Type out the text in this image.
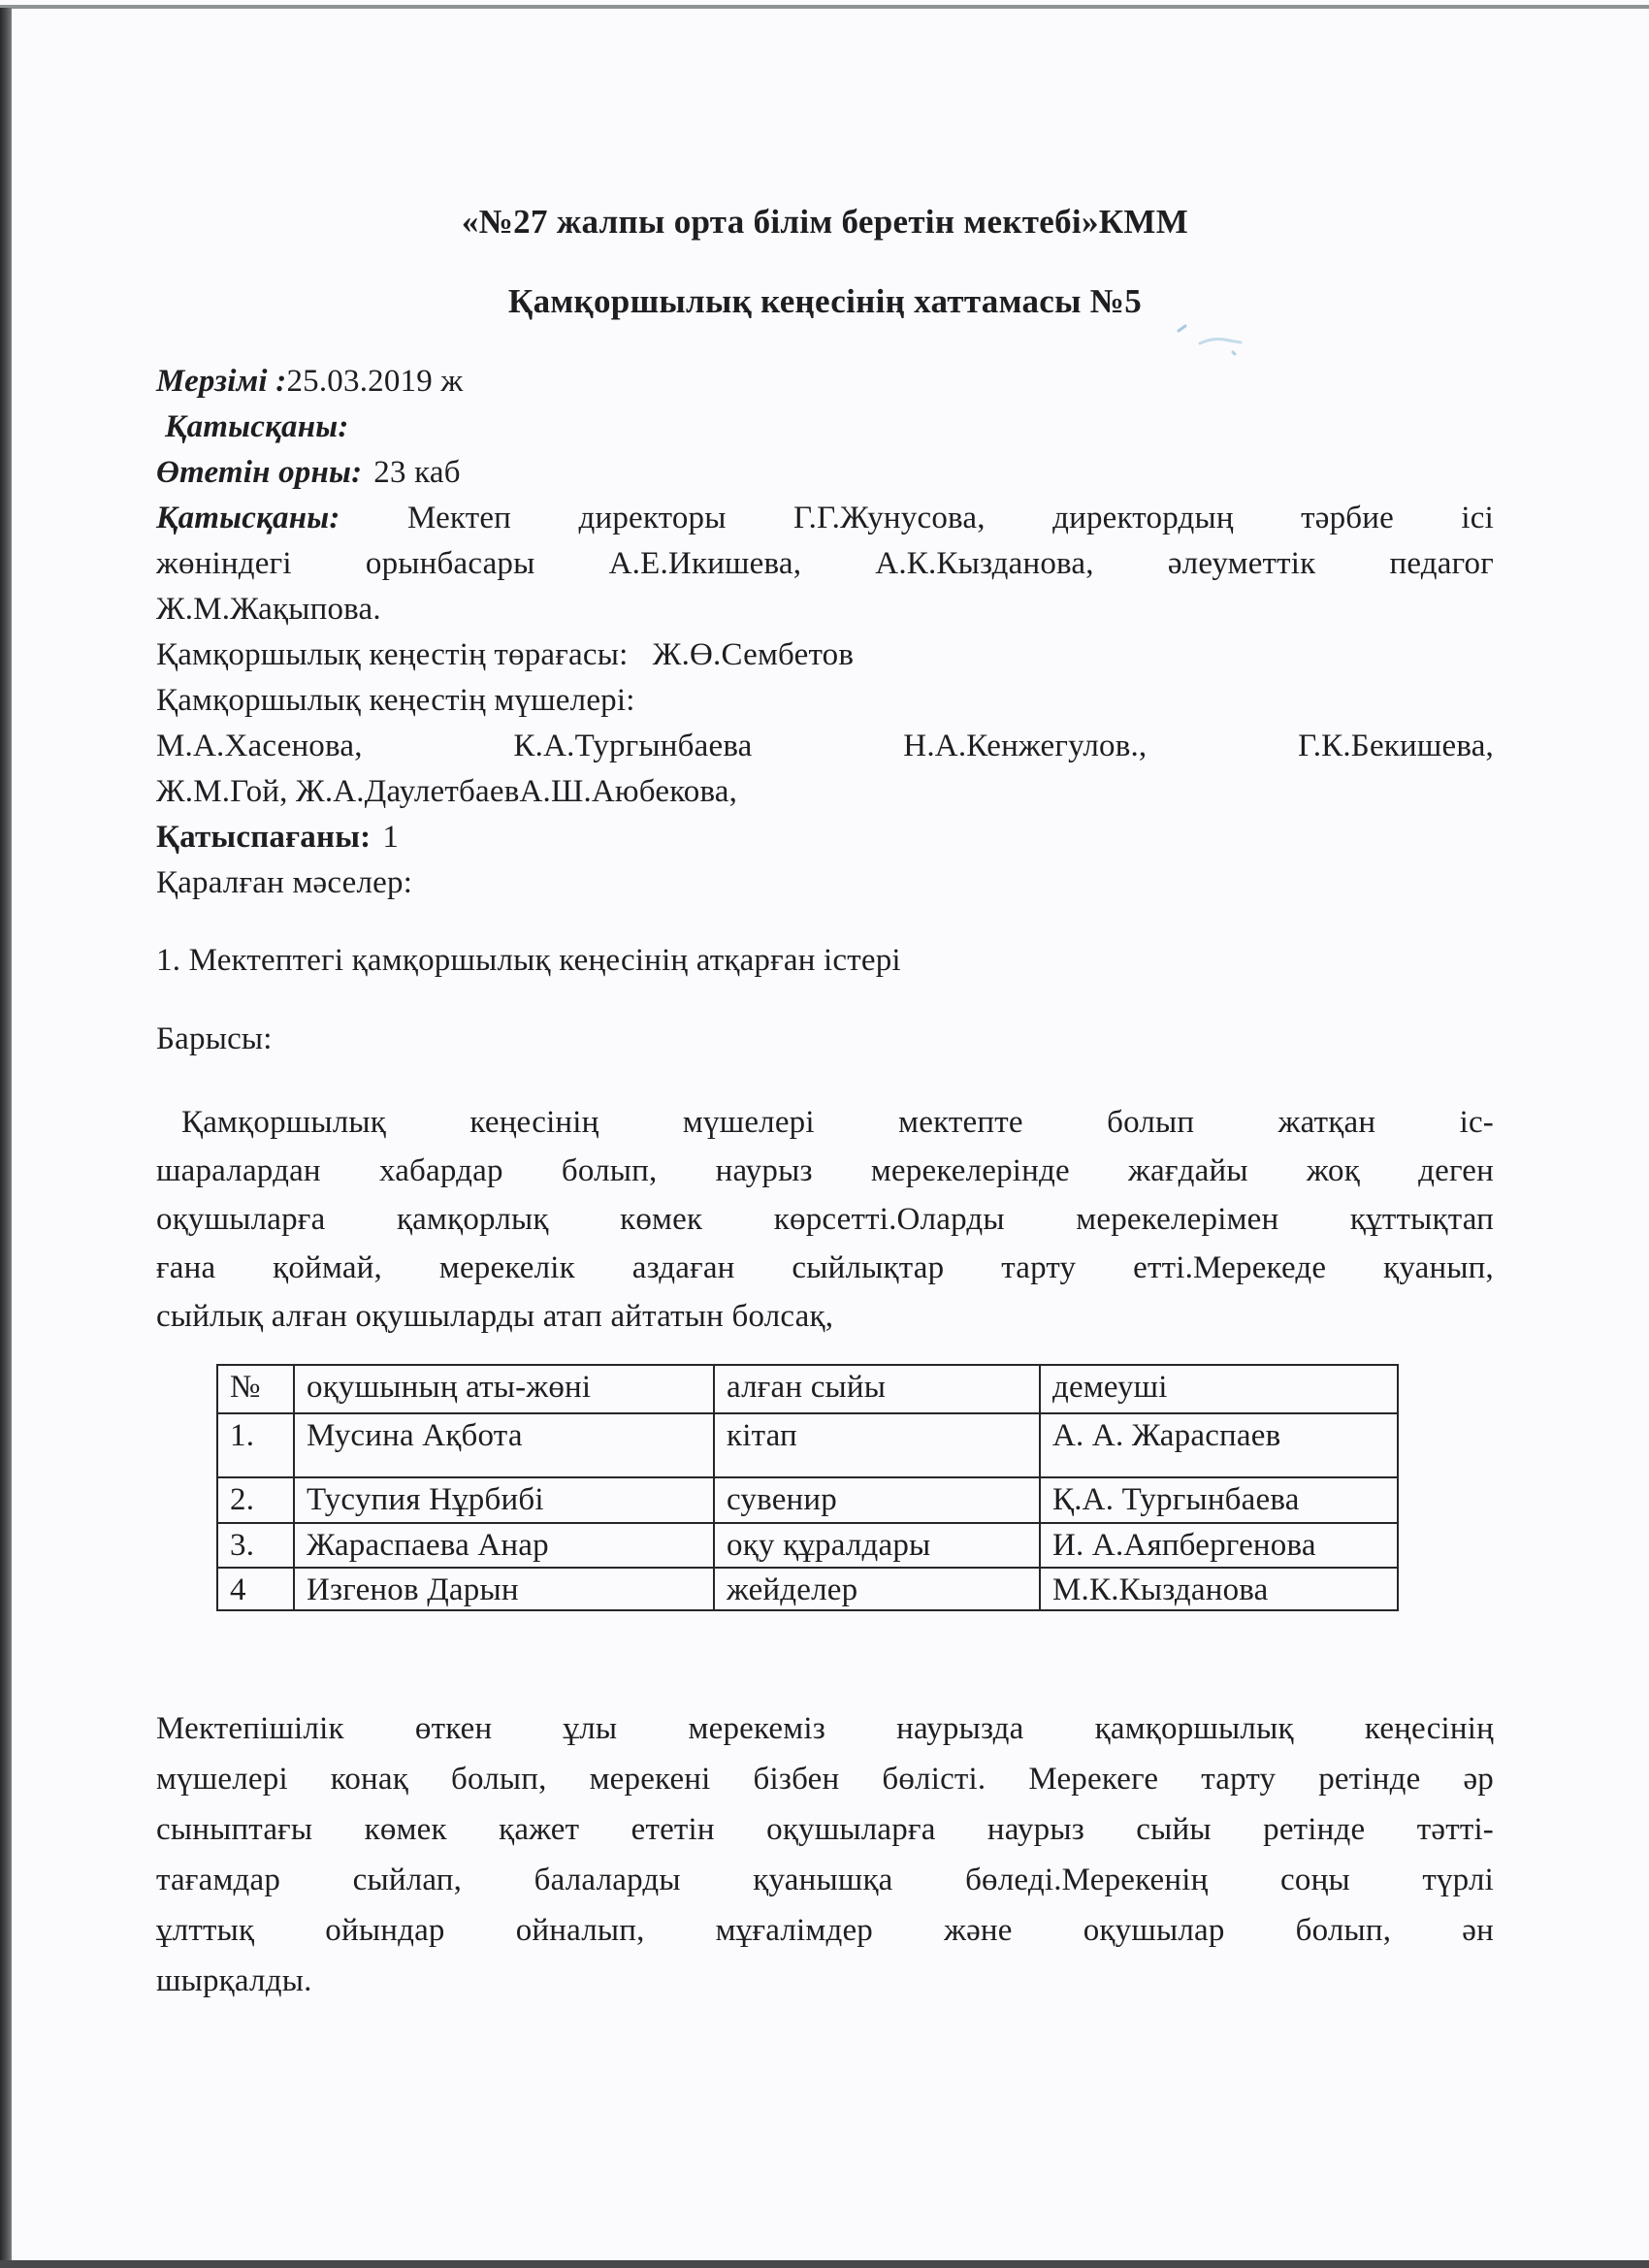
«№27 жалпы орта білім беретін мектебі»КММ
Қамқоршылық кеңесінің хаттамасы №5
Мерзімі :25.03.2019 ж
Қатысқаны:
Өтетін орны: 23 каб
Қатысқаны: Мектеп директоры Г.Г.Жунусова, директордың тәрбие ісі
жөніндегі орынбасары А.Е.Икишева, А.К.Кызданова, әлеуметтік педагог
Ж.М.Жақыпова.
Қамқоршылық кеңестің төрағасы:   Ж.Ө.Сембетов
Қамқоршылық кеңестің мүшелері:
М.А.Хасенова, К.А.Тургынбаева Н.А.Кенжегулов., Г.К.Бекишева,
Ж.М.Гой, Ж.А.ДаулетбаевА.Ш.Аюбекова,
Қатыспағаны: 1
Қаралған мәселер:
1. Мектептегі қамқоршылық кеңесінің атқарған істері
Барысы:
Қамқоршылық кеңесінің мүшелері мектепте болып жатқан іс-
шаралардан хабардар болып, наурыз мерекелерінде жағдайы жоқ деген
оқушыларға қамқорлық көмек көрсетті.Оларды мерекелерімен құттықтап
ғана қоймай, мерекелік аздаған сыйлықтар тарту етті.Мерекеде қуанып,
сыйлық алған оқушыларды атап айтатын болсақ,
№	оқушының аты-жөні	алған сыйы	демеуші
1.	Мусина Ақбота	кітап	А. А. Жараспаев
2.	Тусупия Нұрбибі	сувенир	Қ.А. Тургынбаева
3.	Жараспаева Анар	оқу құралдары	И. А.Аяпбергенова
4	Изгенов Дарын	жейделер	М.К.Кызданова
Мектепішілік өткен ұлы мерекеміз наурызда қамқоршылық кеңесінің
мүшелері конақ болып, мерекені бізбен бөлісті. Мерекеге тарту ретінде әр
сыныптағы көмек қажет ететін оқушыларға наурыз сыйы ретінде тәтті-
тағамдар сыйлап, балаларды қуанышқа бөледі.Мерекенің соңы түрлі
ұлттық ойындар ойналып, мұғалімдер және оқушылар болып, ән
шырқалды.
